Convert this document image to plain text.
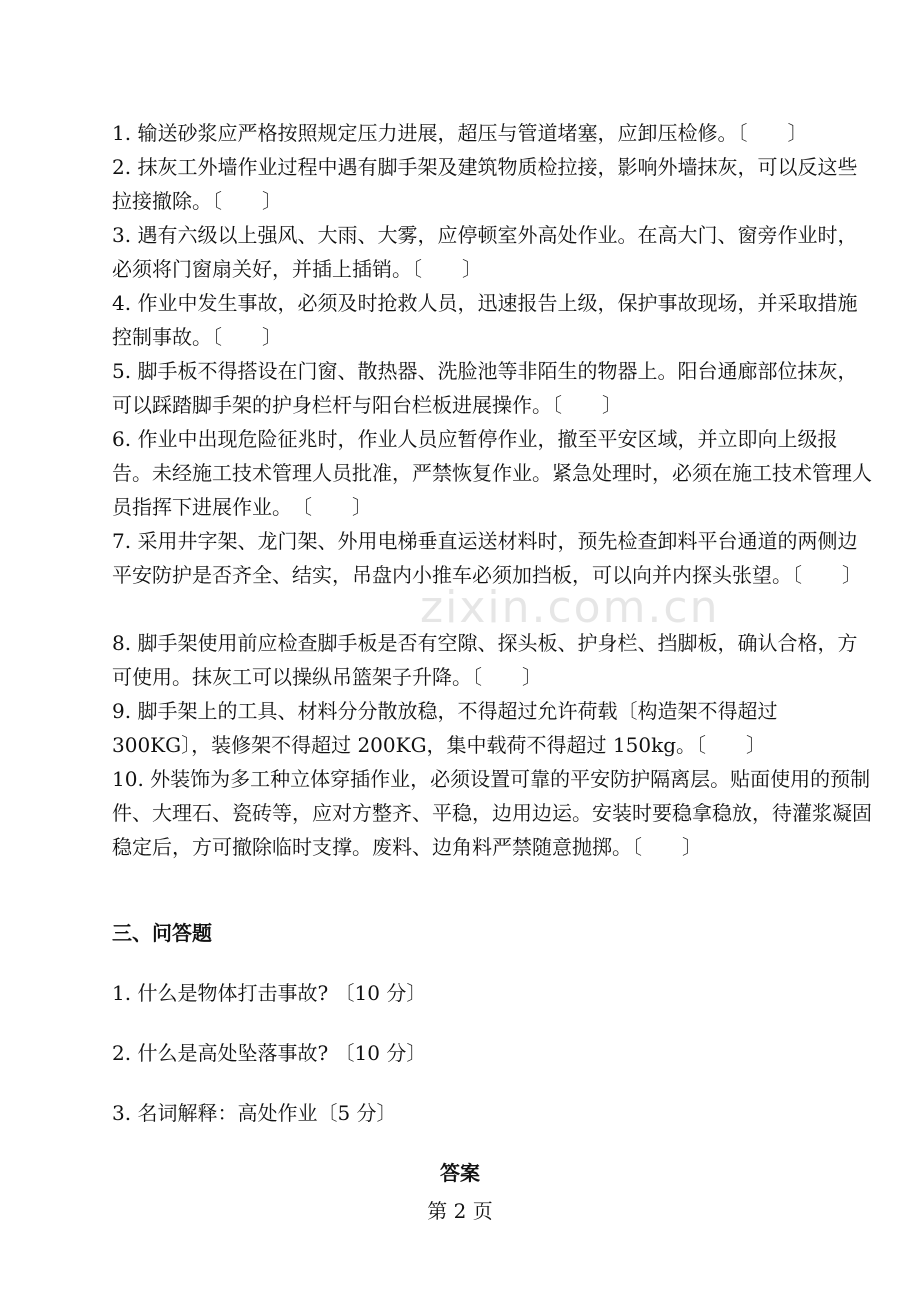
zixin.com.cn
1. 输送砂浆应严格按照规定压力进展，超压与管道堵塞，应卸压检修。〔　　〕
2. 抹灰工外墙作业过程中遇有脚手架及建筑物质检拉接，影响外墙抹灰，可以反这些拉接撤除。〔　　〕
3. 遇有六级以上强风、大雨、大雾，应停顿室外高处作业。在高大门、窗旁作业时，必须将门窗扇关好，并插上插销。〔　　〕
4. 作业中发生事故，必须及时抢救人员，迅速报告上级，保护事故现场，并采取措施控制事故。〔　　〕
5. 脚手板不得搭设在门窗、散热器、洗脸池等非陌生的物器上。阳台通廊部位抹灰，可以踩踏脚手架的护身栏杆与阳台栏板进展操作。〔　　〕
6. 作业中出现危险征兆时，作业人员应暂停作业，撤至平安区域，并立即向上级报告。未经施工技术管理人员批准，严禁恢复作业。紧急处理时，必须在施工技术管理人员指挥下进展作业。　〔　　〕
7. 采用井字架、龙门架、外用电梯垂直运送材料时，预先检查卸料平台通道的两侧边平安防护是否齐全、结实，吊盘内小推车必须加挡板，可以向并内探头张望。〔　　〕
8. 脚手架使用前应检查脚手板是否有空隙、探头板、护身栏、挡脚板，确认合格，方可使用。抹灰工可以操纵吊篮架子升降。〔　　〕
9. 脚手架上的工具、材料分分散放稳，不得超过允许荷载〔构造架不得超过300KG〕，装修架不得超过 200KG，集中载荷不得超过 150kg。〔　　〕
10. 外装饰为多工种立体穿插作业，必须设置可靠的平安防护隔离层。贴面使用的预制件、大理石、瓷砖等，应对方整齐、平稳，边用边运。安装时要稳拿稳放，待灌浆凝固稳定后，方可撤除临时支撑。废料、边角料严禁随意抛掷。〔　　〕
三、问答题
1. 什么是物体打击事故? 〔10 分〕
2. 什么是高处坠落事故? 〔10 分〕
3. 名词解释：高处作业〔5 分〕
答案
第 2 页
